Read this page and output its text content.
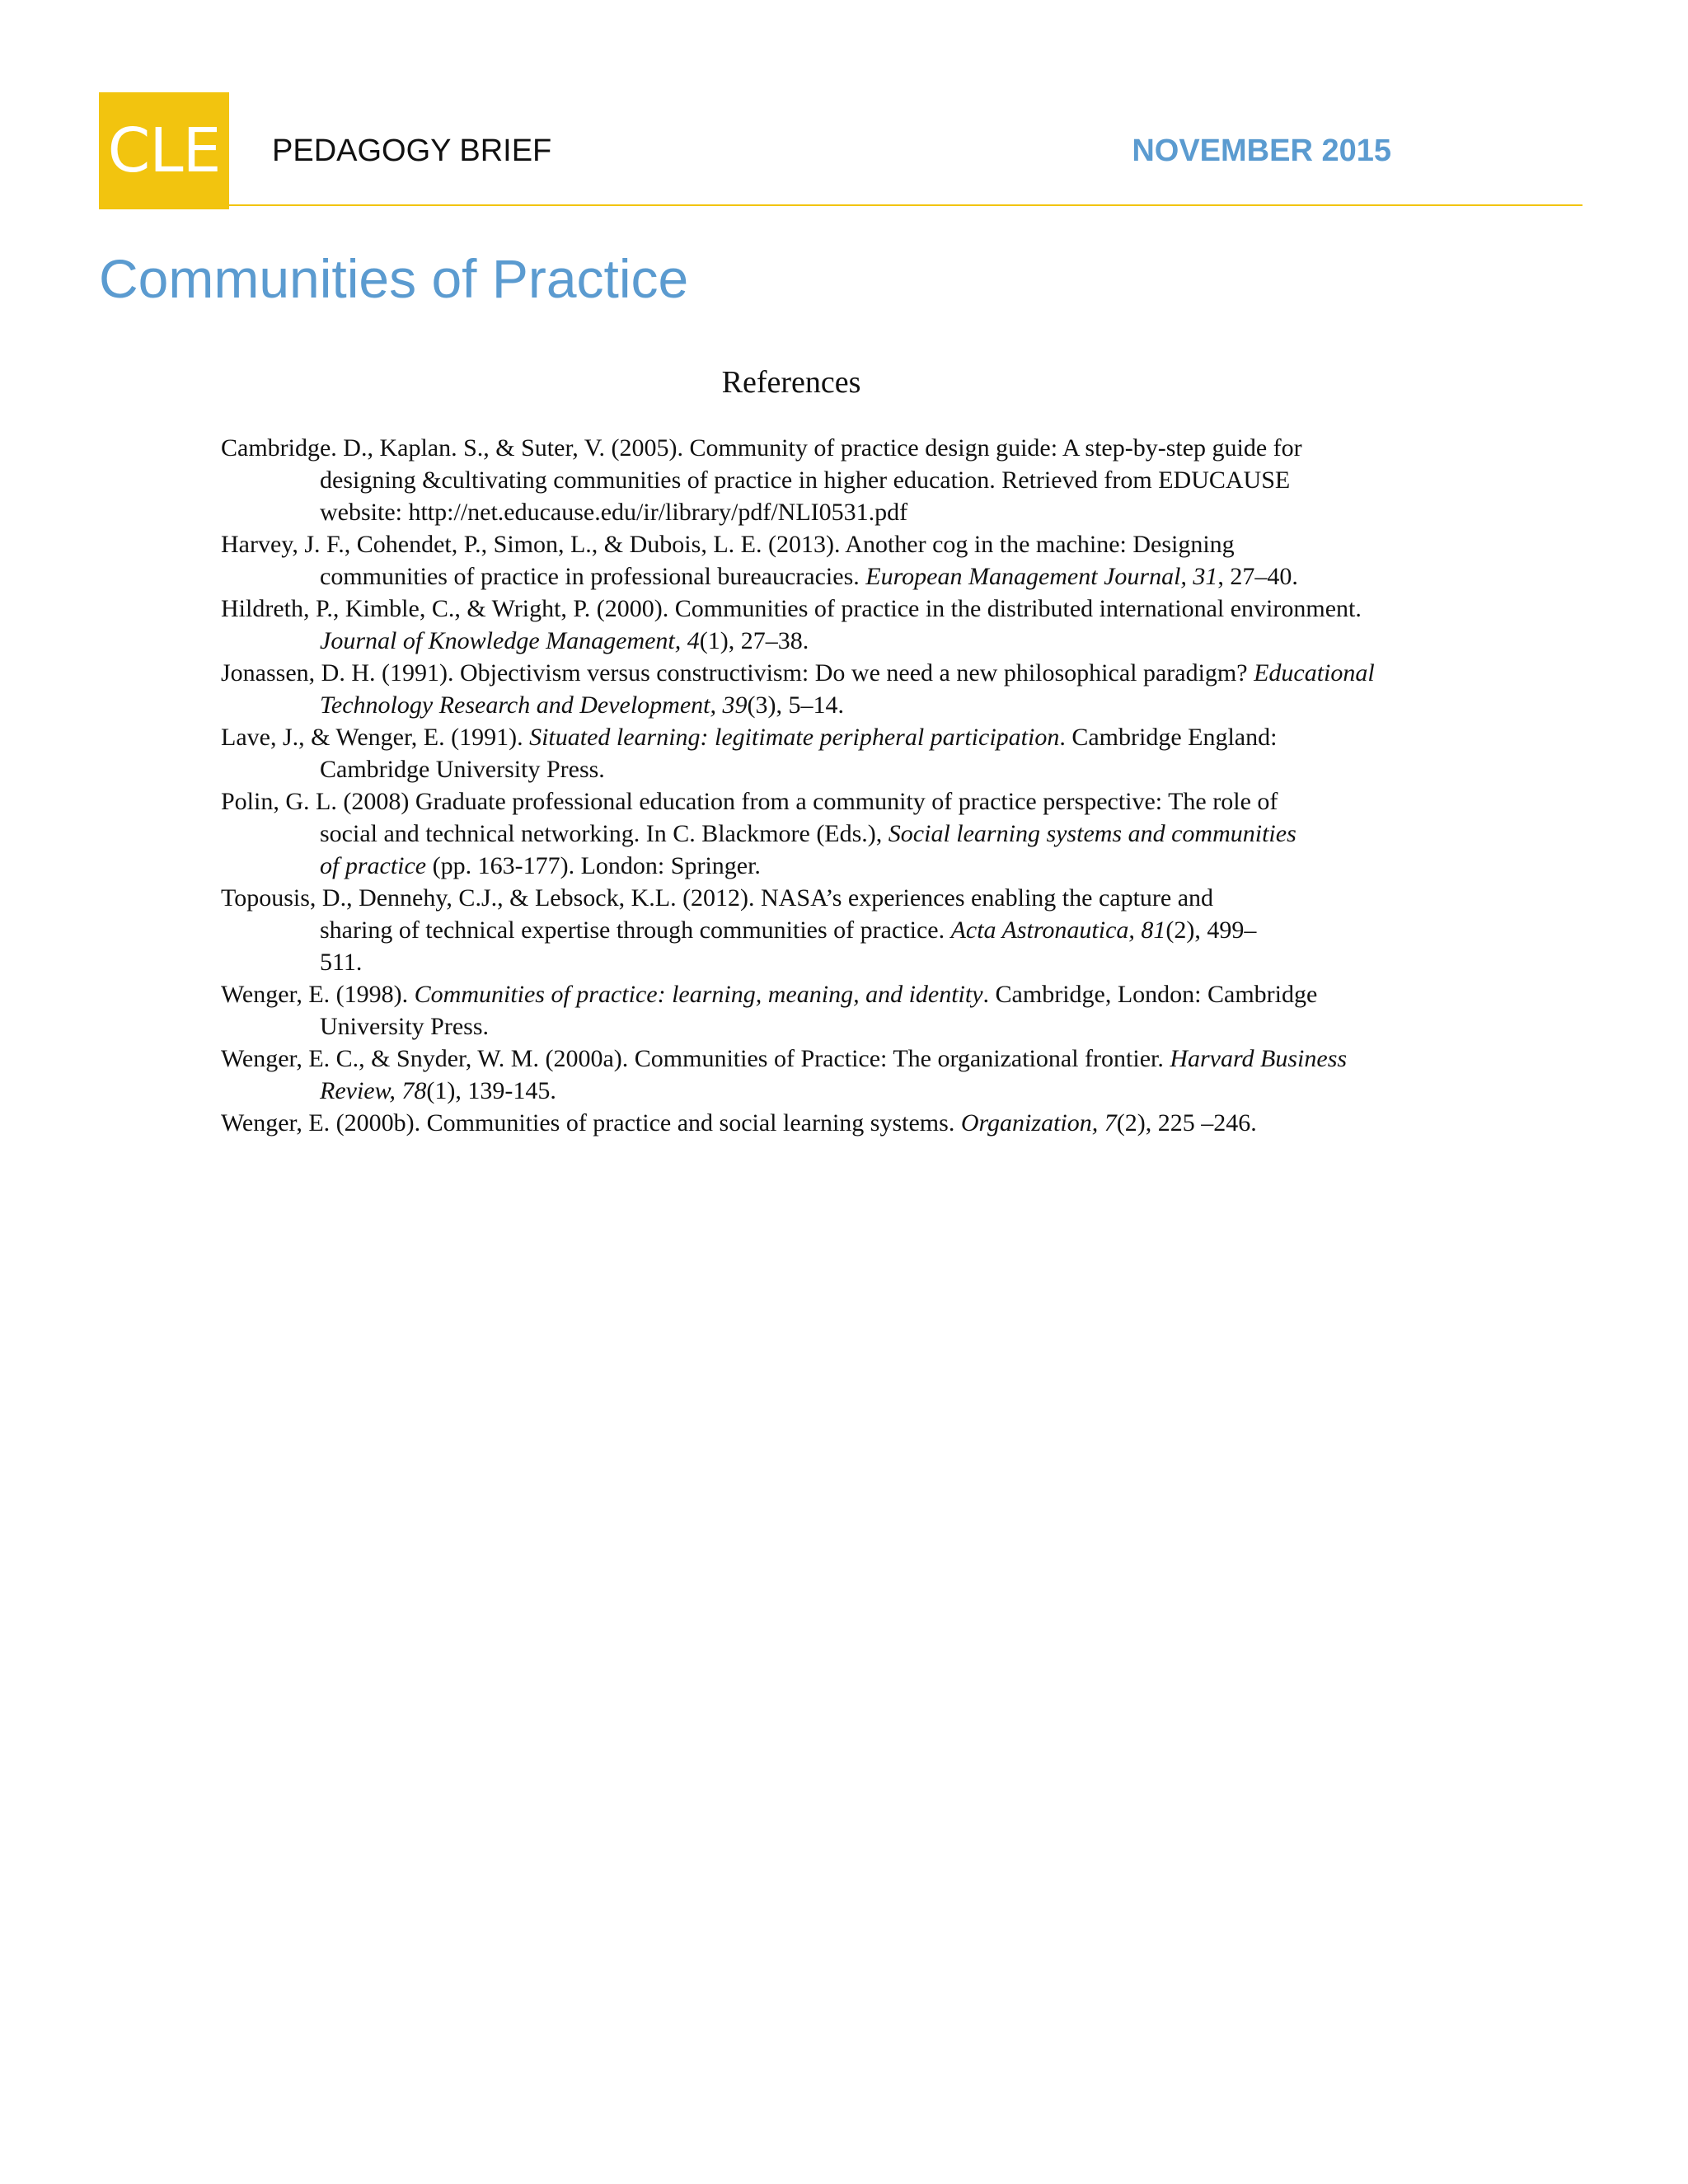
CLE PEDAGOGY BRIEF	NOVEMBER 2015
Communities of Practice
References
Cambridge. D., Kaplan. S., & Suter, V. (2005). Community of practice design guide: A step-by-step guide for
designing &cultivating communities of practice in higher education. Retrieved from EDUCAUSE
website: http://net.educause.edu/ir/library/pdf/NLI0531.pdf
Harvey, J. F., Cohendet, P., Simon, L., & Dubois, L. E. (2013). Another cog in the machine: Designing
communities of practice in professional bureaucracies. European Management Journal, 31, 27–40.
Hildreth, P., Kimble, C., & Wright, P. (2000). Communities of practice in the distributed international environment.
Journal of Knowledge Management, 4(1), 27–38.
Jonassen, D. H. (1991). Objectivism versus constructivism: Do we need a new philosophical paradigm? Educational
Technology Research and Development, 39(3), 5–14.
Lave, J., & Wenger, E. (1991). Situated learning: legitimate peripheral participation. Cambridge England:
Cambridge University Press.
Polin, G. L. (2008) Graduate professional education from a community of practice perspective: The role of
social and technical networking. In C. Blackmore (Eds.), Social learning systems and communities
of practice (pp. 163-177). London: Springer.
Topousis, D., Dennehy, C.J., & Lebsock, K.L. (2012). NASA’s experiences enabling the capture and
sharing of technical expertise through communities of practice. Acta Astronautica, 81(2), 499–
511.
Wenger, E. (1998). Communities of practice: learning, meaning, and identity. Cambridge, London: Cambridge
University Press.
Wenger, E. C., & Snyder, W. M. (2000a). Communities of Practice: The organizational frontier. Harvard Business
Review, 78(1), 139-145.
Wenger, E. (2000b). Communities of practice and social learning systems. Organization, 7(2), 225 –246.
